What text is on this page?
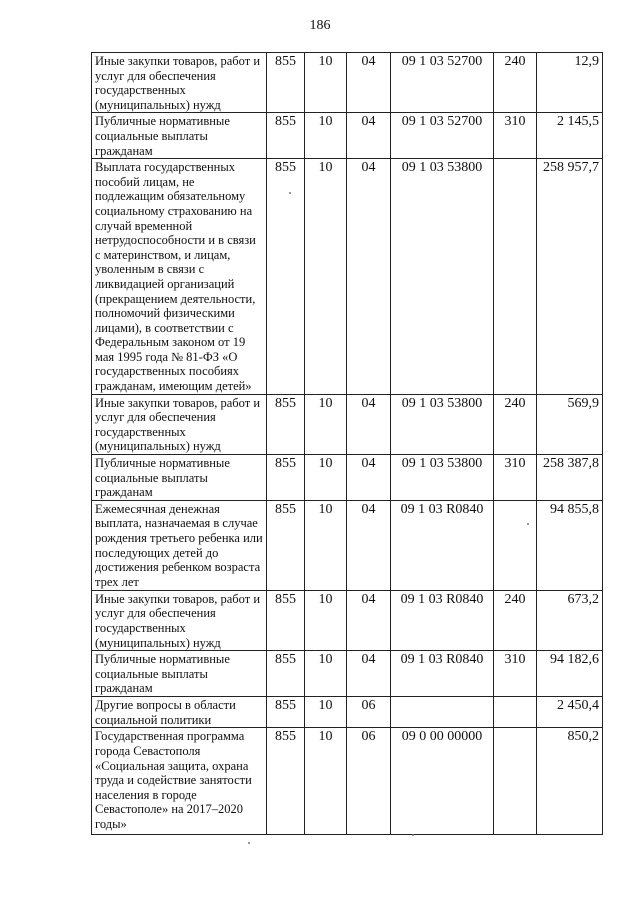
186
Иные закупки товаров, работ и услуг для обеспечения государственных (муниципальных) нужд	855	10	04	09 1 03 52700	240	12,9
Публичные нормативные социальные выплаты гражданам	855	10	04	09 1 03 52700	310	2 145,5
Выплата государственных пособий лицам, не подлежащим обязательному социальному страхованию на случай временной нетрудоспособности и в связи с материнством, и лицам, уволенным в связи с ликвидацией организаций (прекращением деятельности, полномочий физическими лицами), в соответствии с Федеральным законом от 19 мая 1995 года № 81-ФЗ «О государственных пособиях гражданам, имеющим детей»	855	10	04	09 1 03 53800		258 957,7
Иные закупки товаров, работ и услуг для обеспечения государственных (муниципальных) нужд	855	10	04	09 1 03 53800	240	569,9
Публичные нормативные социальные выплаты гражданам	855	10	04	09 1 03 53800	310	258 387,8
Ежемесячная денежная выплата, назначаемая в случае рождения третьего ребенка или последующих детей до достижения ребенком возраста трех лет	855	10	04	09 1 03 R0840		94 855,8
Иные закупки товаров, работ и услуг для обеспечения государственных (муниципальных) нужд	855	10	04	09 1 03 R0840	240	673,2
Публичные нормативные социальные выплаты гражданам	855	10	04	09 1 03 R0840	310	94 182,6
Другие вопросы в области социальной политики	855	10	06			2 450,4
Государственная программа города Севастополя «Социальная защита, охрана труда и содействие занятости населения в городе Севастополе» на 2017–2020 годы»	855	10	06	09 0 00 00000		850,2
